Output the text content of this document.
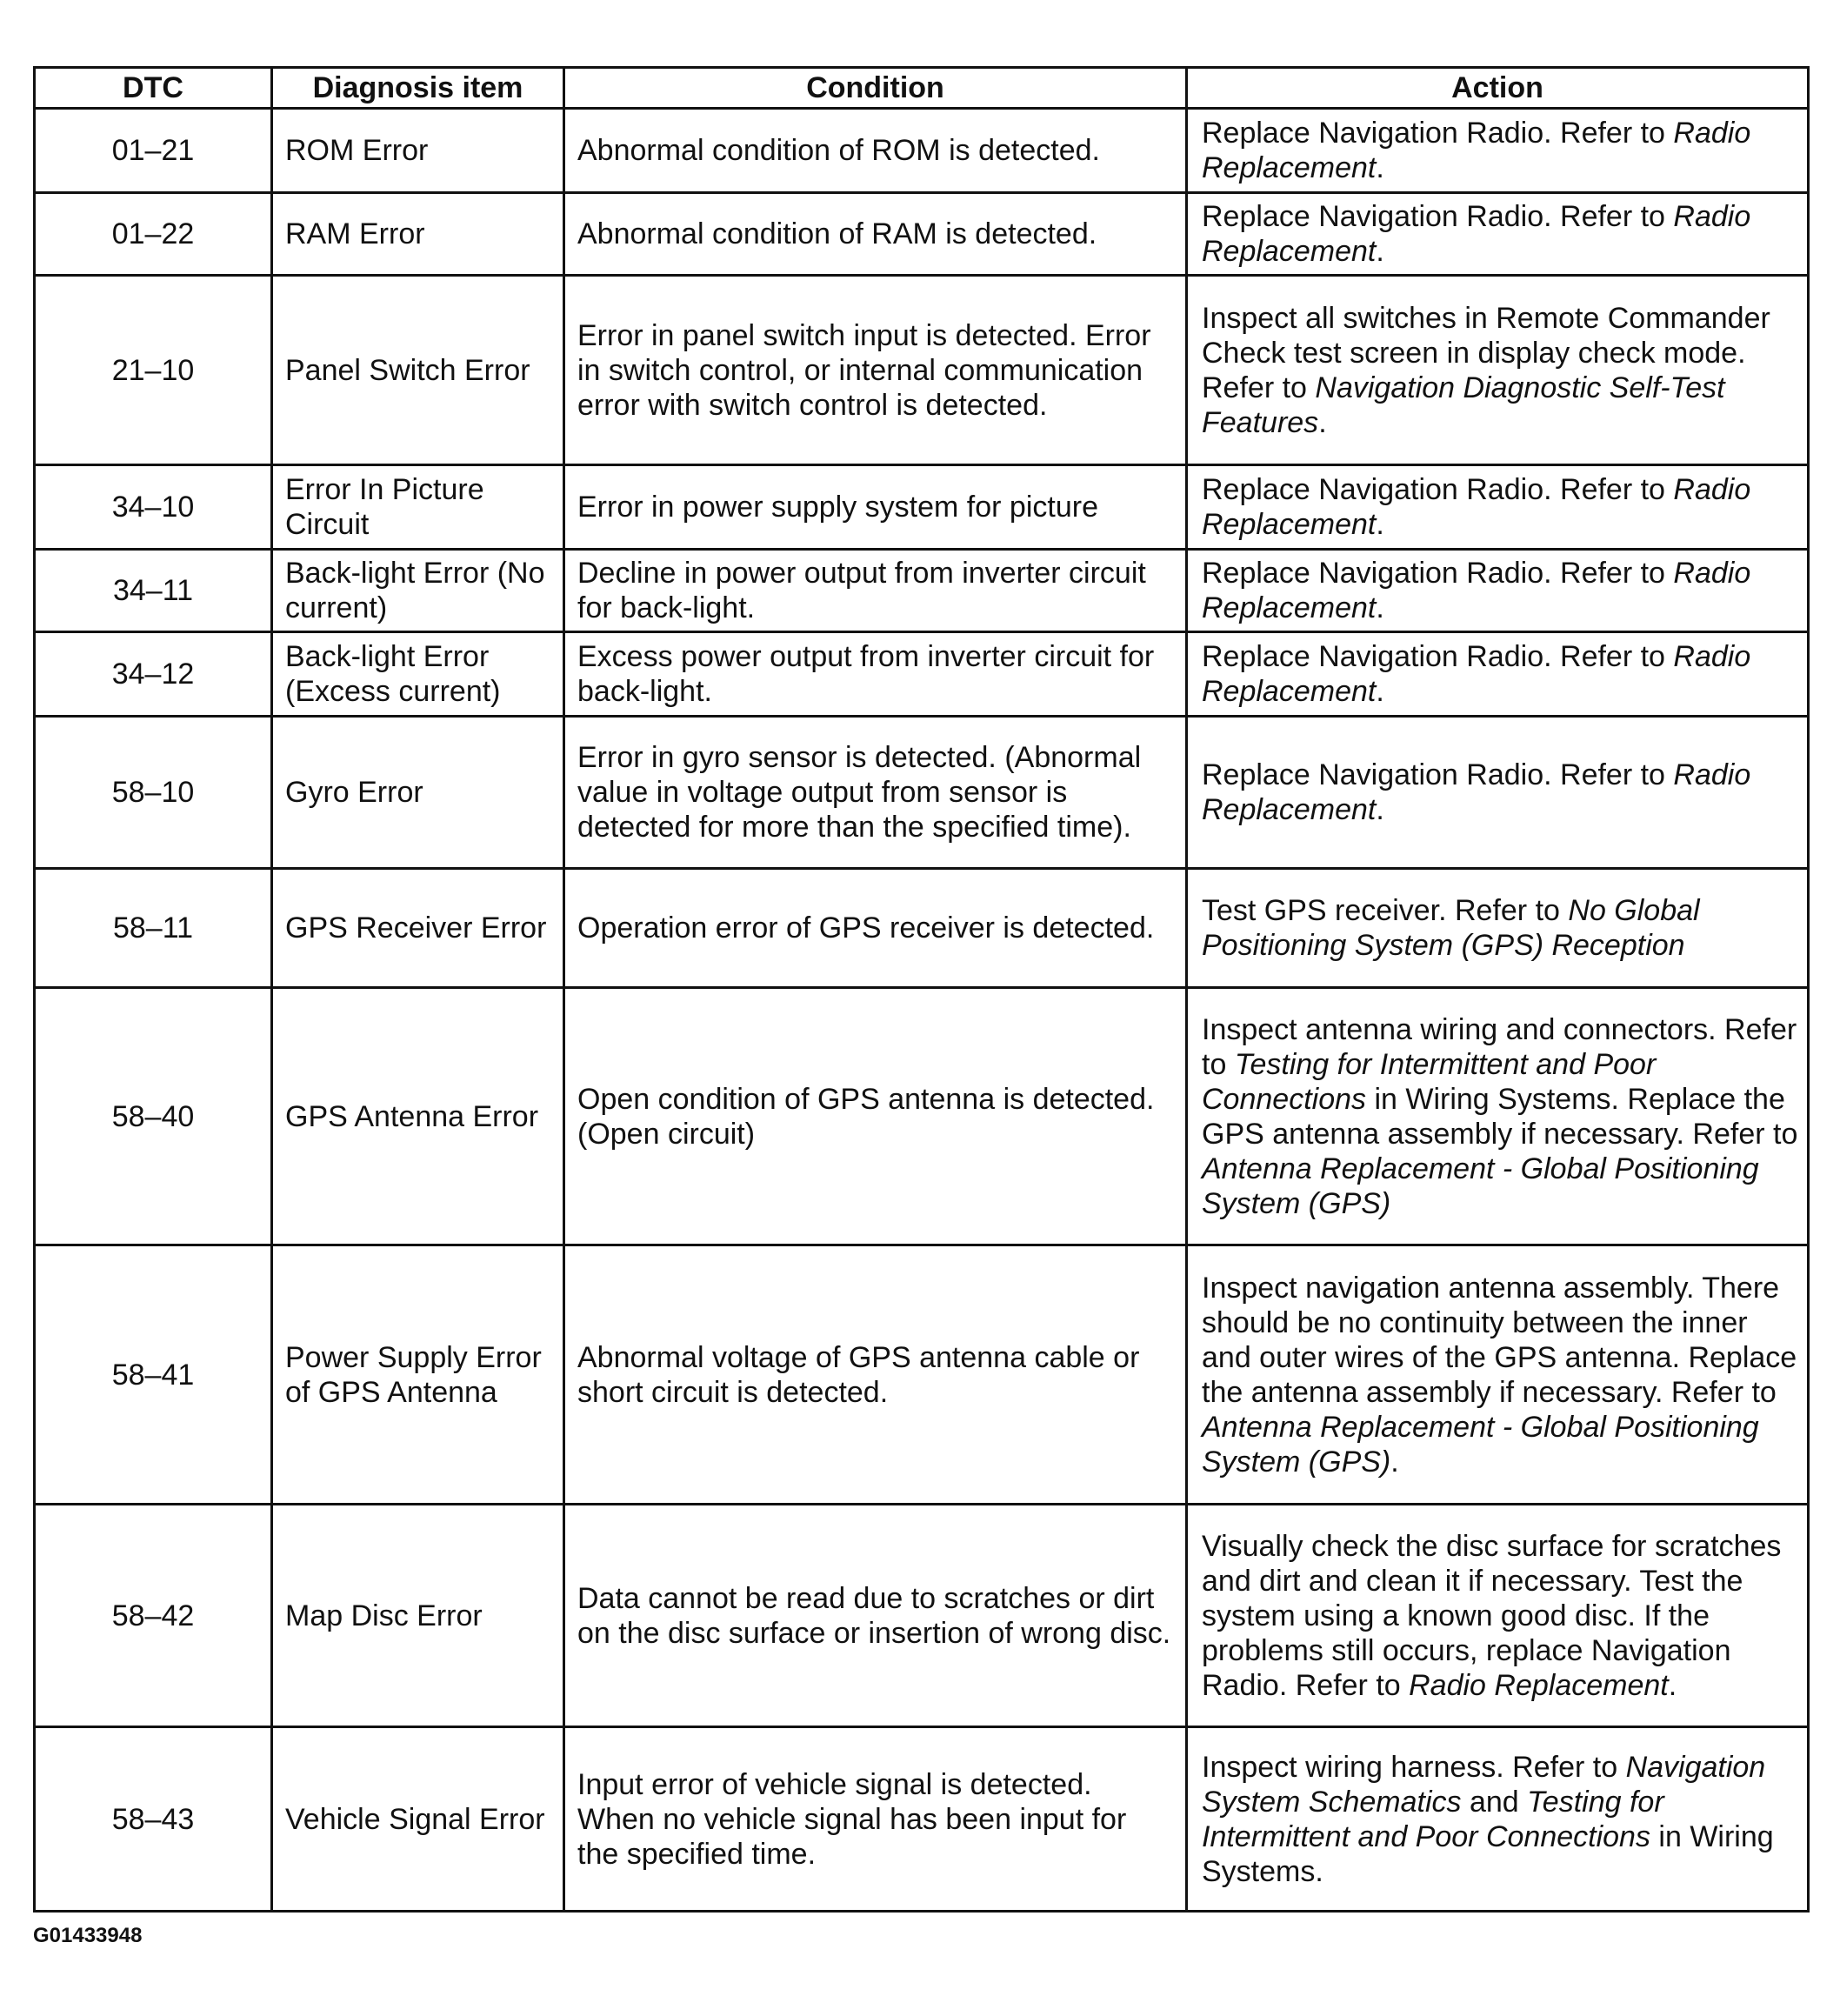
DTC	Diagnosis item	Condition	Action
01–21	ROM Error	Abnormal condition of ROM is detected.	Replace Navigation Radio. Refer to Radio Replacement.
01–22	RAM Error	Abnormal condition of RAM is detected.	Replace Navigation Radio. Refer to Radio Replacement.
21–10	Panel Switch Error	Error in panel switch input is detected. Error in switch control, or internal communication error with switch control is detected.	Inspect all switches in Remote Commander Check test screen in display check mode. Refer to Navigation Diagnostic Self-Test Features.
34–10	Error In Picture Circuit	Error in power supply system for picture	Replace Navigation Radio. Refer to Radio Replacement.
34–11	Back-light Error (No current)	Decline in power output from inverter circuit for back-light.	Replace Navigation Radio. Refer to Radio Replacement.
34–12	Back-light Error (Excess current)	Excess power output from inverter circuit for back-light.	Replace Navigation Radio. Refer to Radio Replacement.
58–10	Gyro Error	Error in gyro sensor is detected. (Abnormal value in voltage output from sensor is detected for more than the specified time).	Replace Navigation Radio. Refer to Radio Replacement.
58–11	GPS Receiver Error	Operation error of GPS receiver is detected.	Test GPS receiver. Refer to No Global Positioning System (GPS) Reception
58–40	GPS Antenna Error	Open condition of GPS antenna is detected. (Open circuit)	Inspect antenna wiring and connectors. Refer to Testing for Intermittent and Poor Connections in Wiring Systems. Replace the GPS antenna assembly if necessary. Refer to Antenna Replacement - Global Positioning System (GPS)
58–41	Power Supply Error of GPS Antenna	Abnormal voltage of GPS antenna cable or short circuit is detected.	Inspect navigation antenna assembly. There should be no continuity between the inner and outer wires of the GPS antenna. Replace the antenna assembly if necessary. Refer to Antenna Replacement - Global Positioning System (GPS).
58–42	Map Disc Error	Data cannot be read due to scratches or dirt on the disc surface or insertion of wrong disc.	Visually check the disc surface for scratches and dirt and clean it if necessary. Test the system using a known good disc. If the problems still occurs, replace Navigation Radio. Refer to Radio Replacement.
58–43	Vehicle Signal Error	Input error of vehicle signal is detected. When no vehicle signal has been input for the specified time.	Inspect wiring harness. Refer to Navigation System Schematics and Testing for Intermittent and Poor Connections in Wiring Systems.
G01433948
